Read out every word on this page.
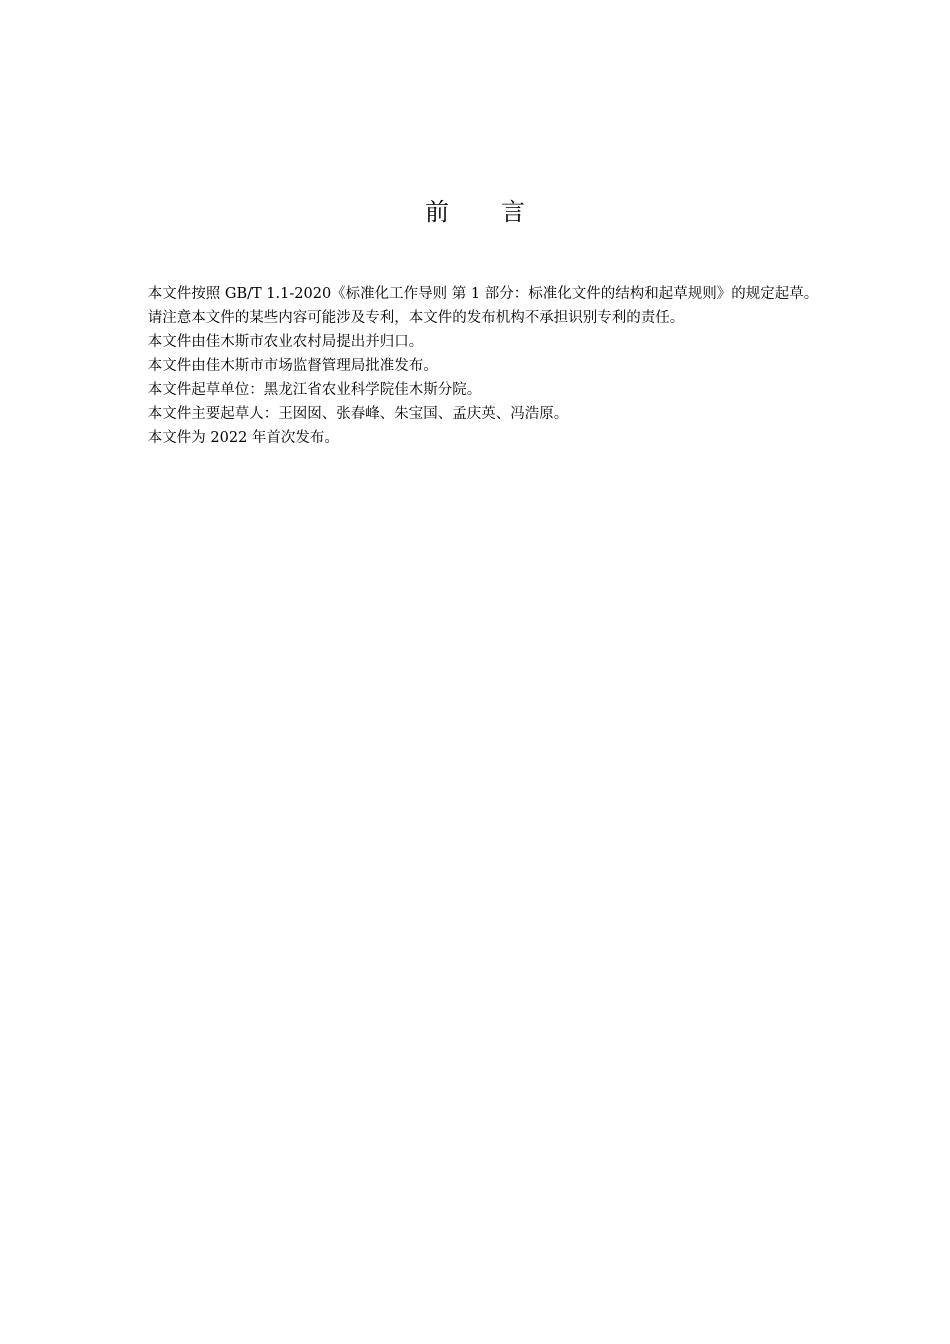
前言

本文件按照 GB/T 1.1-2020《标准化工作导则 第 1 部分：标准化文件的结构和起草规则》的规定起草。

请注意本文件的某些内容可能涉及专利，本文件的发布机构不承担识别专利的责任。

本文件由佳木斯市农业农村局提出并归口。

本文件由佳木斯市市场监督管理局批准发布。

本文件起草单位：黑龙江省农业科学院佳木斯分院。

本文件主要起草人：王囡囡、张春峰、朱宝国、孟庆英、冯浩原。

本文件为 2022 年首次发布。
